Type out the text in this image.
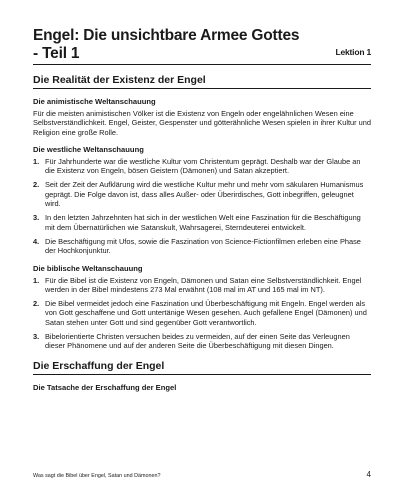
Engel: Die unsichtbare Armee Gottes
- Teil 1	Lektion 1
Die Realität der Existenz der Engel
Die animistische Weltanschauung

Für die meisten animistischen Völker ist die Existenz von Engeln oder engelähnlichen Wesen eine Selbstverständlichkeit. Engel, Geister, Gespenster und götterähnliche Wesen spielen in ihrer Kultur und Religion eine große Rolle.

Die westliche Weltanschauung
1. Für Jahrhunderte war die westliche Kultur vom Christentum geprägt. Deshalb war der Glaube an die Existenz von Engeln, bösen Geistern (Dämonen) und Satan akzeptiert.
2. Seit der Zeit der Aufklärung wird die westliche Kultur mehr und mehr vom säkularen Humanismus geprägt. Die Folge davon ist, dass alles Außer- oder Überirdisches, Gott inbegriffen, geleugnet wird.
3. In den letzten Jahrzehnten hat sich in der westlichen Welt eine Faszination für die Beschäftigung mit dem Übernatürlichen wie Satanskult, Wahrsagerei, Sterndeuterei entwickelt.
4. Die Beschäftigung mit Ufos, sowie die Faszination von Science-Fictionfilmen erleben eine Phase der Hochkonjunktur.
Die biblische Weltanschauung
1. Für die Bibel ist die Existenz von Engeln, Dämonen und Satan eine Selbstverständlichkeit. Engel werden in der Bibel mindestens 273 Mal erwähnt (108 mal im AT und 165 mal im NT).
2. Die Bibel vermeidet jedoch eine Faszination und Überbeschäftigung mit Engeln. Engel werden als von Gott geschaffene und Gott untertänige Wesen gesehen. Auch gefallene Engel (Dämonen) und Satan stehen unter Gott und sind gegenüber Gott verantwortlich.
3. Bibelorientierte Christen versuchen beides zu vermeiden, auf der einen Seite das Verleugnen dieser Phänomene und auf der anderen Seite die Überbeschäftigung mit diesen Dingen.
Die Erschaffung der Engel
Die Tatsache der Erschaffung der Engel
Was sagt die Bibel über Engel, Satan und Dämonen?	4
